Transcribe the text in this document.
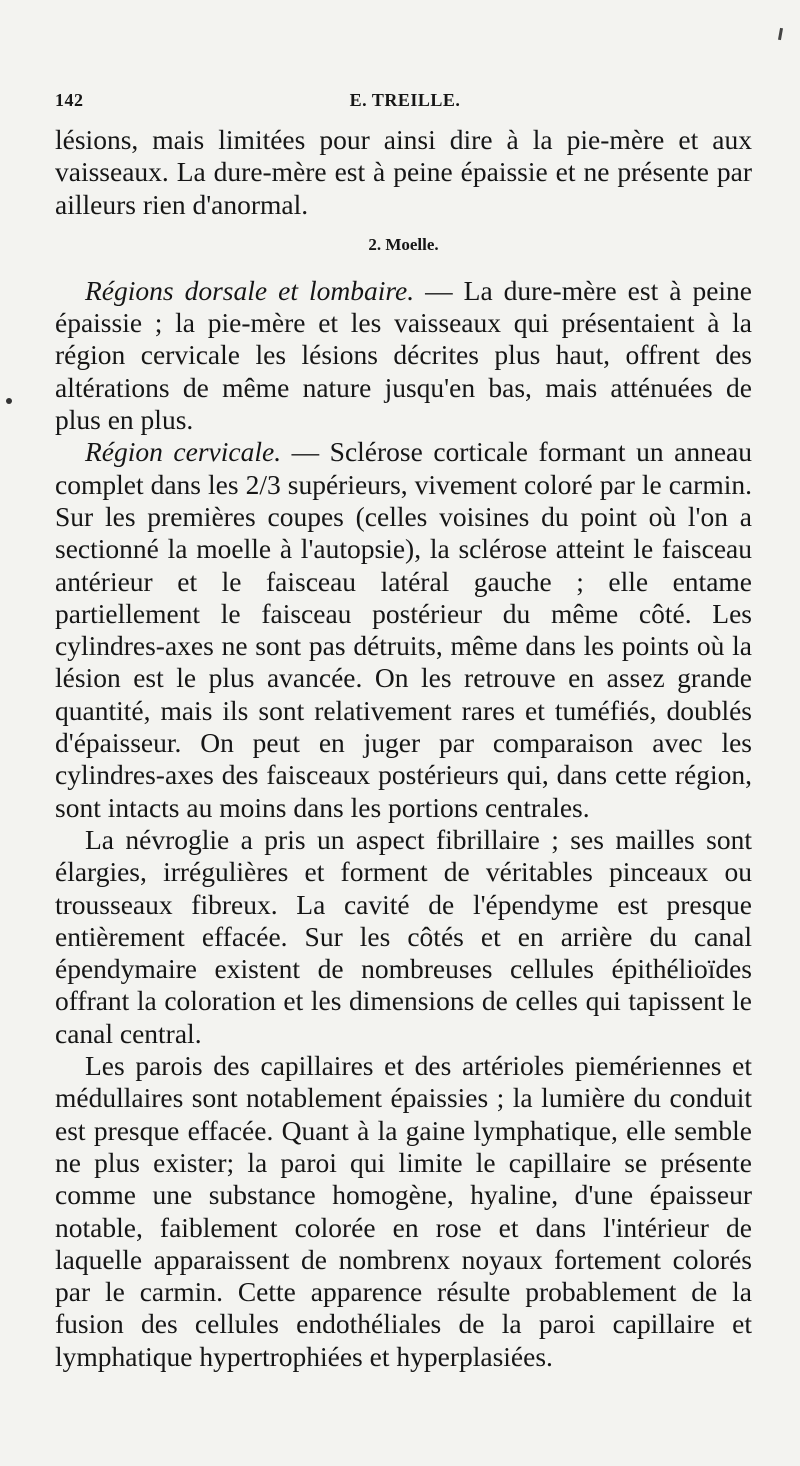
142	E. TREILLE.

lésions, mais limitées pour ainsi dire à la pie-mère et aux vaisseaux. La dure-mère est à peine épaissie et ne présente par ailleurs rien d'anormal.

2. Moelle.

Régions dorsale et lombaire. — La dure-mère est à peine épaissie ; la pie-mère et les vaisseaux qui présentaient à la région cervicale les lésions décrites plus haut, offrent des altérations de même nature jusqu'en bas, mais atténuées de plus en plus.

Région cervicale. — Sclérose corticale formant un anneau complet dans les 2/3 supérieurs, vivement coloré par le carmin. Sur les premières coupes (celles voisines du point où l'on a sectionné la moelle à l'autopsie), la sclérose atteint le faisceau antérieur et le faisceau latéral gauche ; elle entame partiellement le faisceau postérieur du même côté. Les cylindres-axes ne sont pas détruits, même dans les points où la lésion est le plus avancée. On les retrouve en assez grande quantité, mais ils sont relativement rares et tuméfiés, doublés d'épaisseur. On peut en juger par comparaison avec les cylindres-axes des faisceaux postérieurs qui, dans cette région, sont intacts au moins dans les portions centrales.

La névroglie a pris un aspect fibrillaire ; ses mailles sont élargies, irrégulières et forment de véritables pinceaux ou trousseaux fibreux. La cavité de l'épendyme est presque entièrement effacée. Sur les côtés et en arrière du canal épendymaire existent de nombreuses cellules épithélioïdes offrant la coloration et les dimensions de celles qui tapissent le canal central.

Les parois des capillaires et des artérioles piemériennes et médullaires sont notablement épaissies ; la lumière du conduit est presque effacée. Quant à la gaine lymphatique, elle semble ne plus exister; la paroi qui limite le capillaire se présente comme une substance homogène, hyaline, d'une épaisseur notable, faiblement colorée en rose et dans l'intérieur de laquelle apparaissent de nombrenx noyaux fortement colorés par le carmin. Cette apparence résulte probablement de la fusion des cellules endothéliales de la paroi capillaire et lymphatique hypertrophiées et hyperplasiées.
